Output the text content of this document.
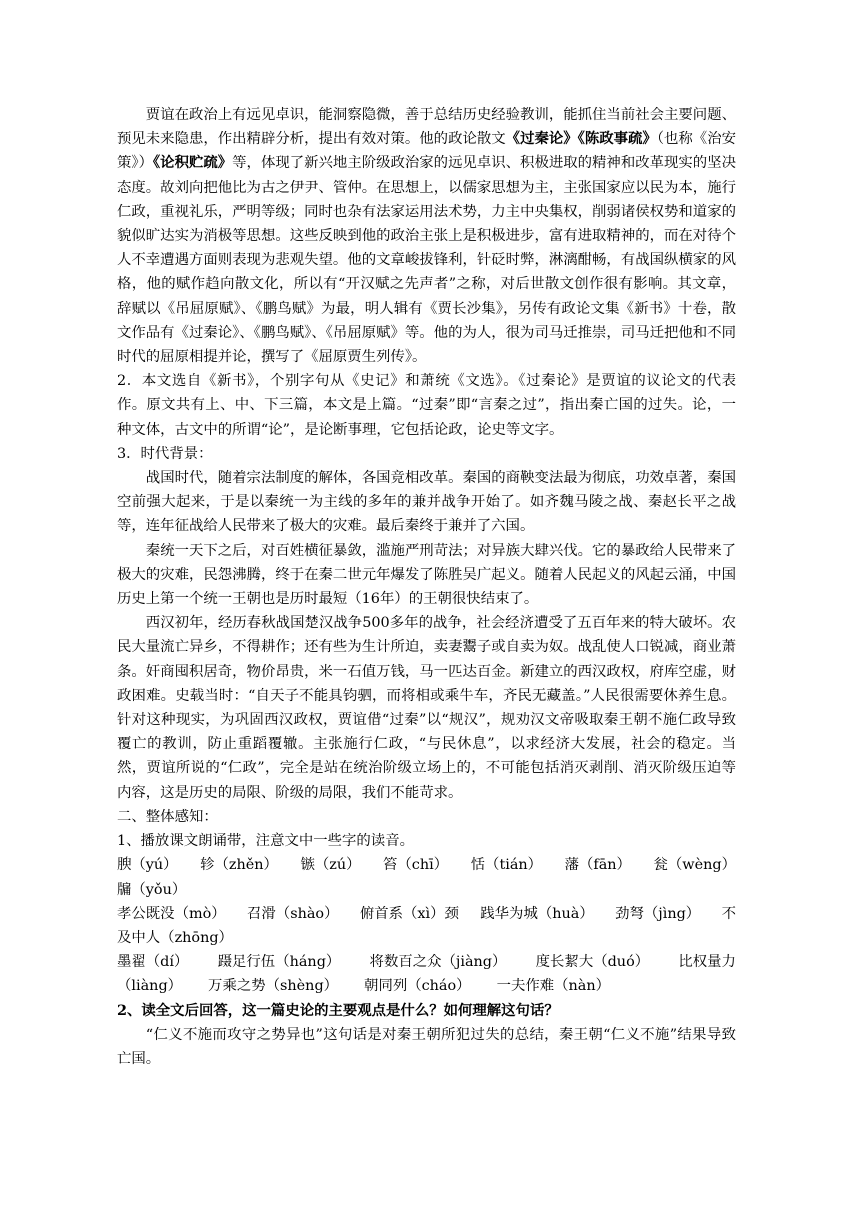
贾谊在政治上有远见卓识，能洞察隐微，善于总结历史经验教训，能抓住当前社会主要问题、预见未来隐患，作出精辟分析，提出有效对策。他的政论散文《过秦论》《陈政事疏》（也称《治安策》）《论积贮疏》等，体现了新兴地主阶级政治家的远见卓识、积极进取的精神和改革现实的坚决态度。故刘向把他比为古之伊尹、管仲。在思想上，以儒家思想为主，主张国家应以民为本，施行仁政，重视礼乐，严明等级；同时也杂有法家运用法术势，力主中央集权，削弱诸侯权势和道家的貌似旷达实为消极等思想。这些反映到他的政治主张上是积极进步，富有进取精神的，而在对待个人不幸遭遇方面则表现为悲观失望。他的文章峻拔锋利，针砭时弊，淋漓酣畅，有战国纵横家的风格，他的赋作趋向散文化，所以有“开汉赋之先声者”之称，对后世散文创作很有影响。其文章，辞赋以《吊屈原赋》、《鹏鸟赋》为最，明人辑有《贾长沙集》，另传有政论文集《新书》十卷，散文作品有《过秦论》、《鹏鸟赋》、《吊屈原赋》等。他的为人，很为司马迁推崇，司马迁把他和不同时代的屈原相提并论，撰写了《屈原贾生列传》。

2．本文选自《新书》，个别字句从《史记》和萧统《文选》。《过秦论》是贾谊的议论文的代表作。原文共有上、中、下三篇，本文是上篇。“过秦”即“言秦之过”，指出秦亡国的过失。论，一种文体，古文中的所谓“论”，是论断事理，它包括论政，论史等文字。

3．时代背景：

战国时代，随着宗法制度的解体，各国竞相改革。秦国的商鞅变法最为彻底，功效卓著，秦国空前强大起来，于是以秦统一为主线的多年的兼并战争开始了。如齐魏马陵之战、秦赵长平之战等，连年征战给人民带来了极大的灾难。最后秦终于兼并了六国。

秦统一天下之后，对百姓横征暴敛，滥施严刑苛法；对异族大肆兴伐。它的暴政给人民带来了极大的灾难，民怨沸腾，终于在秦二世元年爆发了陈胜吴广起义。随着人民起义的风起云涌，中国历史上第一个统一王朝也是历时最短（16年）的王朝很快结束了。

西汉初年，经历春秋战国楚汉战争500多年的战争，社会经济遭受了五百年来的特大破坏。农民大量流亡异乡，不得耕作；还有些为生计所迫，卖妻鬻子或自卖为奴。战乱使人口锐减，商业萧条。奸商囤积居奇，物价昂贵，米一石值万钱，马一匹达百金。新建立的西汉政权，府库空虚，财政困难。史载当时：“自天子不能具钧驷，而将相或乘牛车，齐民无藏盖。”人民很需要休养生息。针对这种现实，为巩固西汉政权，贾谊借“过秦”以“规汉”，规劝汉文帝吸取秦王朝不施仁政导致覆亡的教训，防止重蹈覆辙。主张施行仁政，“与民休息”，以求经济大发展，社会的稳定。当然，贾谊所说的“仁政”，完全是站在统治阶级立场上的，不可能包括消灭剥削、消灭阶级压迫等内容，这是历史的局限、阶级的局限，我们不能苛求。

二、整体感知：

1、播放课文朗诵带，注意文中一些字的读音。

腴（yú） 轸（zhěn） 镞（zú） 笞（chī） 恬（tián） 藩（fān） 瓮（wèng）

牖（yǒu）

孝公既没（mò） 召滑（shào） 俯首系（xì）颈 践华为城（huà） 劲弩（jìng） 不

及中人（zhōng）

墨翟（dí） 蹑足行伍（háng） 将数百之众（jiàng） 度长絜大（duó） 比权量力
（liàng） 万乘之势（shèng） 朝同列（cháo） 一夫作难（nàn）

2、读全文后回答，这一篇史论的主要观点是什么？如何理解这句话？

“仁义不施而攻守之势异也”这句话是对秦王朝所犯过失的总结，秦王朝“仁义不施”结果导致亡国。
